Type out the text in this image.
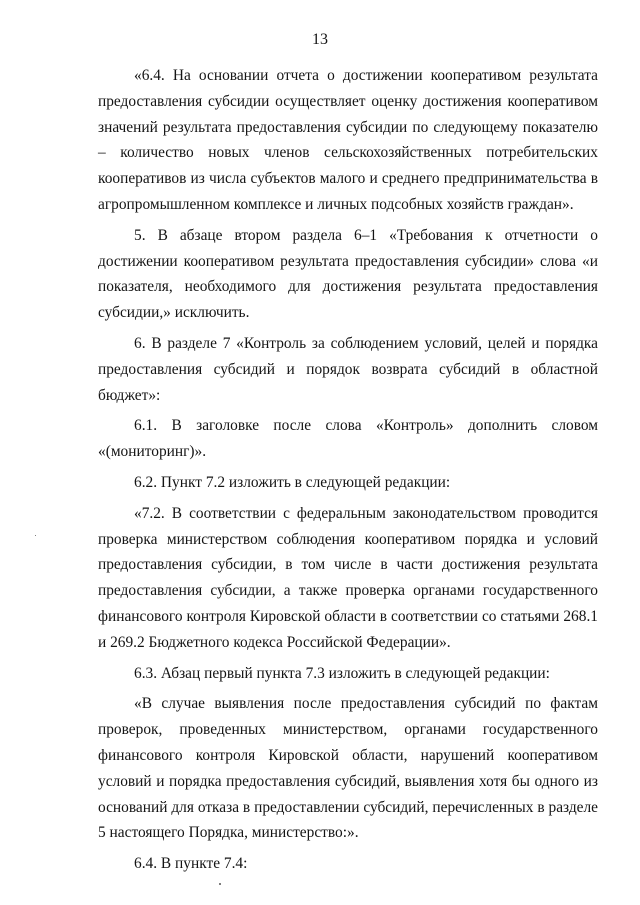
13

«6.4. На основании отчета о достижении кооперативом результата предоставления субсидии осуществляет оценку достижения кооперативом значений результата предоставления субсидии по следующему показателю – количество новых членов сельскохозяйственных потребительских кооперативов из числа субъектов малого и среднего предпринимательства в агропромышленном комплексе и личных подсобных хозяйств граждан».

5. В абзаце втором раздела 6–1 «Требования к отчетности о достижении кооперативом результата предоставления субсидии» слова «и показателя, необходимого для достижения результата предоставления субсидии,» исключить.

6. В разделе 7 «Контроль за соблюдением условий, целей и порядка предоставления субсидий и порядок возврата субсидий в областной бюджет»:

6.1. В заголовке после слова «Контроль» дополнить словом «(мониторинг)».

6.2. Пункт 7.2 изложить в следующей редакции:

«7.2. В соответствии с федеральным законодательством проводится проверка министерством соблюдения кооперативом порядка и условий предоставления субсидии, в том числе в части достижения результата предоставления субсидии, а также проверка органами государственного финансового контроля Кировской области в соответствии со статьями 268.1 и 269.2 Бюджетного кодекса Российской Федерации».

6.3. Абзац первый пункта 7.3 изложить в следующей редакции:

«В случае выявления после предоставления субсидий по фактам проверок, проведенных министерством, органами государственного финансового контроля Кировской области, нарушений кооперативом условий и порядка предоставления субсидий, выявления хотя бы одного из оснований для отказа в предоставлении субсидий, перечисленных в разделе 5 настоящего Порядка, министерство:».

6.4. В пункте 7.4:
